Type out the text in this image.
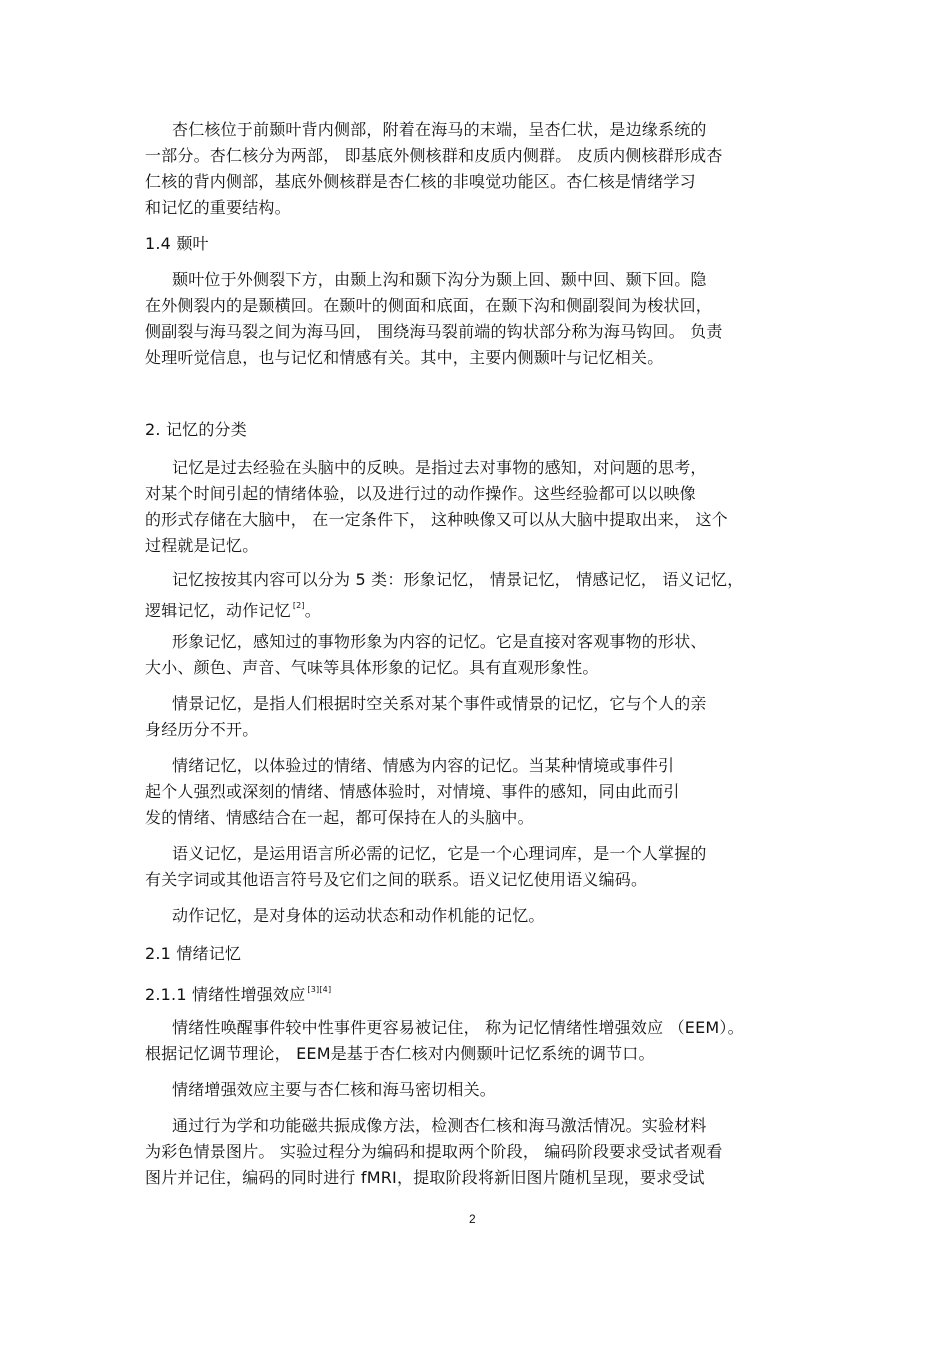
杏仁核位于前颞叶背内侧部，附着在海马的末端，呈杏仁状，是边缘系统的
一部分。杏仁核分为两部， 即基底外侧核群和皮质内侧群。 皮质内侧核群形成杏
仁核的背内侧部，基底外侧核群是杏仁核的非嗅觉功能区。杏仁核是情绪学习
和记忆的重要结构。
1.4 颞叶
颞叶位于外侧裂下方，由颞上沟和颞下沟分为颞上回、颞中回、颞下回。隐
在外侧裂内的是颞横回。在颞叶的侧面和底面，在颞下沟和侧副裂间为梭状回，
侧副裂与海马裂之间为海马回， 围绕海马裂前端的钩状部分称为海马钩回。 负责
处理听觉信息，也与记忆和情感有关。其中，主要内侧颞叶与记忆相关。
2. 记忆的分类
记忆是过去经验在头脑中的反映。是指过去对事物的感知，对问题的思考，
对某个时间引起的情绪体验，以及进行过的动作操作。这些经验都可以以映像
的形式存储在大脑中， 在一定条件下， 这种映像又可以从大脑中提取出来， 这个
过程就是记忆。
记忆按按其内容可以分为 5 类：形象记忆， 情景记忆， 情感记忆， 语义记忆，
逻辑记忆，动作记忆 [2]。
形象记忆，感知过的事物形象为内容的记忆。它是直接对客观事物的形状、
大小、颜色、声音、气味等具体形象的记忆。具有直观形象性。
情景记忆，是指人们根据时空关系对某个事件或情景的记忆，它与个人的亲
身经历分不开。
情绪记忆，以体验过的情绪、情感为内容的记忆。当某种情境或事件引
起个人强烈或深刻的情绪、情感体验时，对情境、事件的感知，同由此而引
发的情绪、情感结合在一起，都可保持在人的头脑中。
语义记忆，是运用语言所必需的记忆，它是一个心理词库，是一个人掌握的
有关字词或其他语言符号及它们之间的联系。语义记忆使用语义编码。
动作记忆，是对身体的运动状态和动作机能的记忆。
2.1 情绪记忆
2.1.1 情绪性增强效应 [3][4]
情绪性唤醒事件较中性事件更容易被记住， 称为记忆情绪性增强效应 （EEM）。
根据记忆调节理论， EEM是基于杏仁核对内侧颞叶记忆系统的调节口。
情绪增强效应主要与杏仁核和海马密切相关。
通过行为学和功能磁共振成像方法，检测杏仁核和海马激活情况。实验材料
为彩色情景图片。 实验过程分为编码和提取两个阶段， 编码阶段要求受试者观看
图片并记住，编码的同时进行 fMRI，提取阶段将新旧图片随机呈现，要求受试
2
